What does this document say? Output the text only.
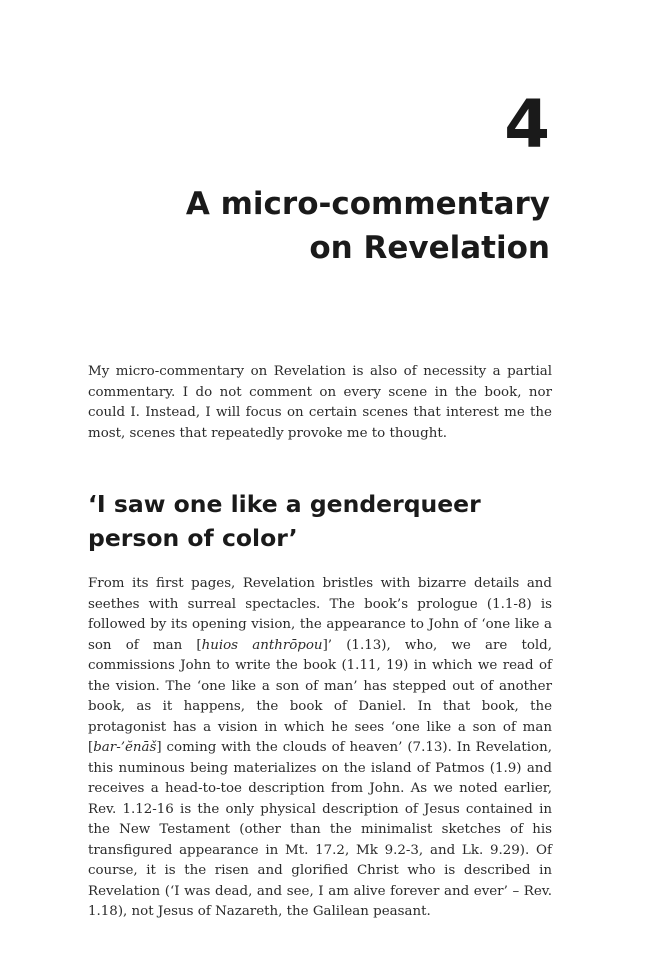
4
A micro-commentary
on Revelation

My micro-commentary on Revelation is also of necessity a partial commentary. I do not comment on every scene in the book, nor could I. Instead, I will focus on certain scenes that interest me the most, scenes that repeatedly provoke me to thought.

‘I saw one like a genderqueer
person of color’

From its first pages, Revelation bristles with bizarre details and seethes with surreal spectacles. The book’s prologue (1.1-8) is followed by its opening vision, the appearance to John of ‘one like a son of man [huios anthrōpou]’ (1.13), who, we are told, commissions John to write the book (1.11, 19) in which we read of the vision. The ‘one like a son of man’ has stepped out of another book, as it happens, the book of Daniel. In that book, the protagonist has a vision in which he sees ‘one like a son of man [bar-’ĕnāš] coming with the clouds of heaven’ (7.13). In Revelation, this numinous being materializes on the island of Patmos (1.9) and receives a head-to-toe description from John. As we noted earlier, Rev. 1.12-16 is the only physical description of Jesus contained in the New Testament (other than the minimalist sketches of his transfigured appearance in Mt. 17.2, Mk 9.2-3, and Lk. 9.29). Of course, it is the risen and glorified Christ who is described in Revelation (‘I was dead, and see, I am alive forever and ever’ – Rev. 1.18), not Jesus of Nazareth, the Galilean peasant.
